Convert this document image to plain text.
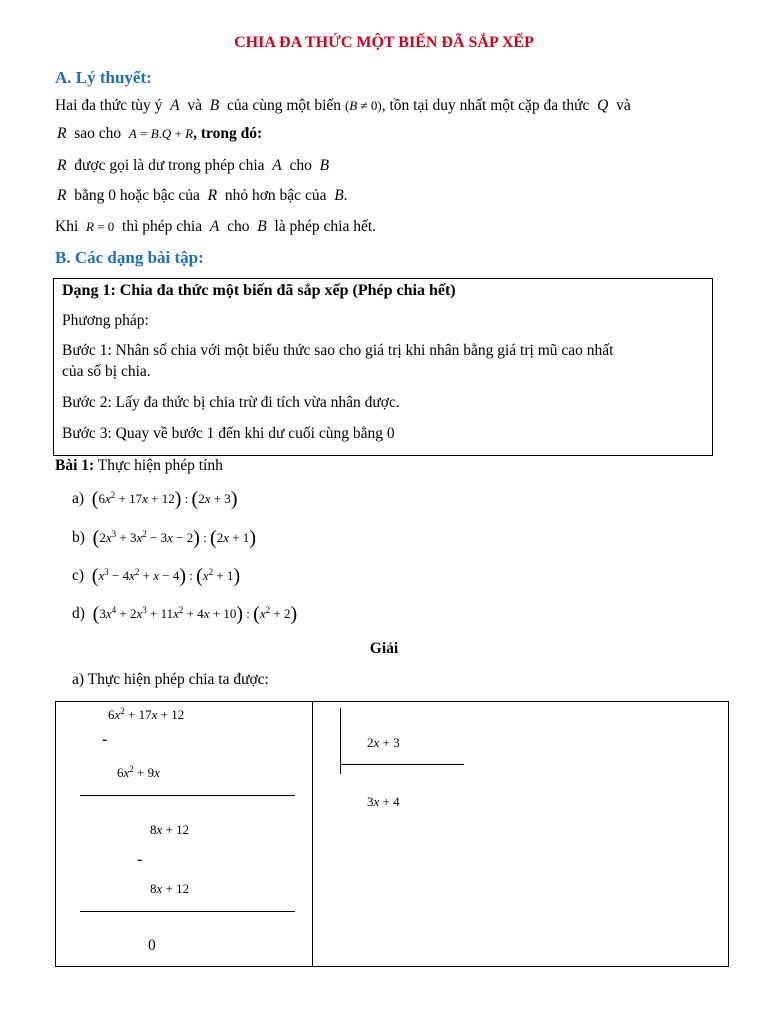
CHIA ĐA THỨC MỘT BIẾN ĐÃ SẮP XẾP
A. Lý thuyết:
Hai đa thức tùy ý  A  và  B  của cùng một biến (B ≠ 0), tồn tại duy nhất một cặp đa thức  Q  và
R sao cho A = B.Q + R, trong đó:
R được gọi là dư trong phép chia  A  cho  B
R bằng 0 hoặc bậc của  R  nhỏ hơn bậc của  B.
Khi R = 0 thì phép chia  A  cho  B  là phép chia hết.
B. Các dạng bài tập:
Dạng 1: Chia đa thức một biến đã sắp xếp (Phép chia hết)
Phương pháp:
Bước 1: Nhân số chia với một biểu thức sao cho giá trị khi nhân bằng giá trị mũ cao nhất
của số bị chia.
Bước 2: Lấy đa thức bị chia trừ đi tích vừa nhân được.
Bước 3: Quay về bước 1 đến khi dư cuối cùng bằng 0
Bài 1: Thực hiện phép tính
a) $(6x^2 + 17x + 12)$ : (2x + 3)
b) $(2x^3 + 3x^2 - 3x - 2)$ : (2x + 1)
c) $(x^3 - 4x^2 + x - 4)$ : $(x^2 + 1)$
d) $(3x^4 + 2x^3 + 11x^2 + 4x + 10)$ : $(x^2 + 2)$
Giải
a) Thực hiện phép chia ta được:
$6x^2 + 17x + 12$
-
$6x^2 + 9x$
8x + 12
-
8x + 12
0
2x + 3
3x + 4
